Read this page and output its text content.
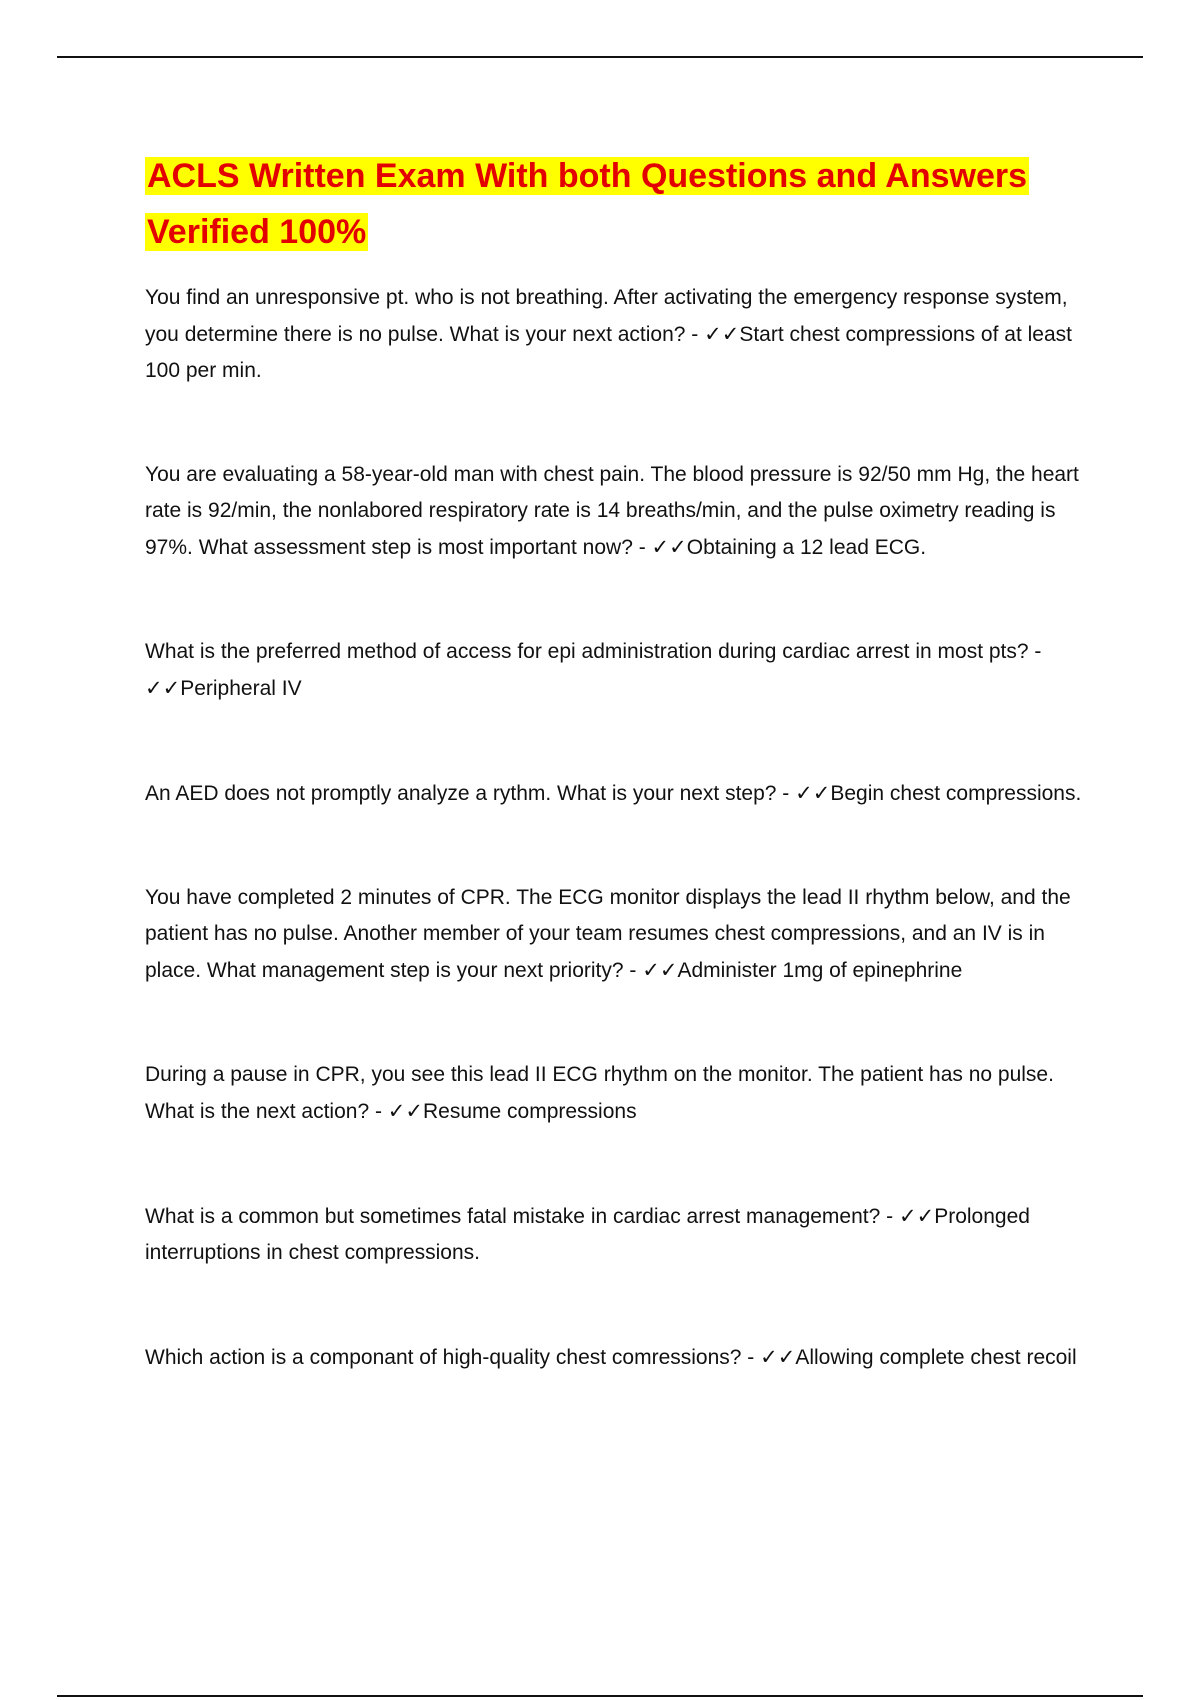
ACLS Written Exam With both Questions and Answers Verified 100%

You find an unresponsive pt. who is not breathing. After activating the emergency response system, you determine there is no pulse. What is your next action? - ✓✓Start chest compressions of at least 100 per min.

You are evaluating a 58-year-old man with chest pain. The blood pressure is 92/50 mm Hg, the heart rate is 92/min, the nonlabored respiratory rate is 14 breaths/min, and the pulse oximetry reading is 97%. What assessment step is most important now? - ✓✓Obtaining a 12 lead ECG.

What is the preferred method of access for epi administration during cardiac arrest in most pts? - ✓✓Peripheral IV

An AED does not promptly analyze a rythm. What is your next step? - ✓✓Begin chest compressions.

You have completed 2 minutes of CPR. The ECG monitor displays the lead II rhythm below, and the patient has no pulse. Another member of your team resumes chest compressions, and an IV is in place. What management step is your next priority? - ✓✓Administer 1mg of epinephrine

During a pause in CPR, you see this lead II ECG rhythm on the monitor. The patient has no pulse. What is the next action? - ✓✓Resume compressions

What is a common but sometimes fatal mistake in cardiac arrest management? - ✓✓Prolonged interruptions in chest compressions.

Which action is a componant of high-quality chest comressions? - ✓✓Allowing complete chest recoil
